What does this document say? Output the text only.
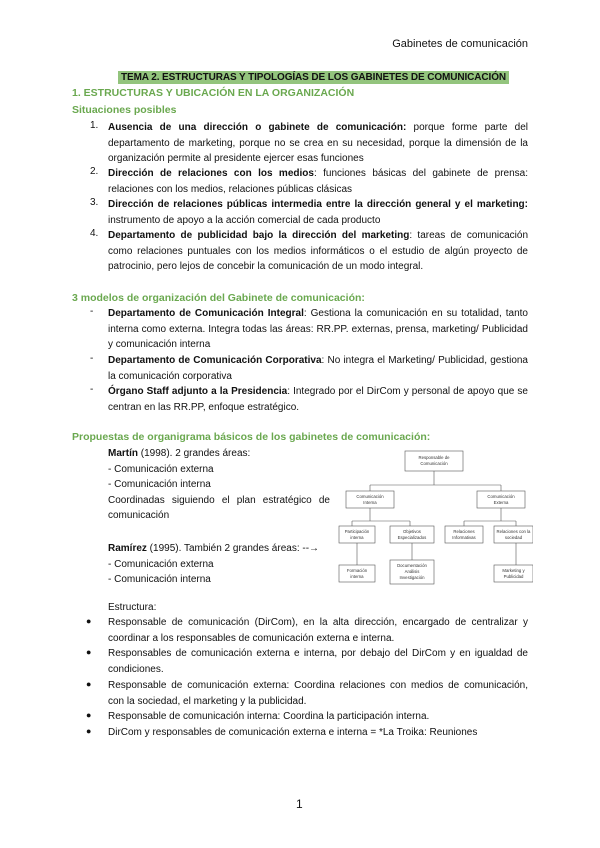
Gabinetes de comunicación
TEMA 2. ESTRUCTURAS Y TIPOLOGÍAS DE LOS GABINETES DE COMUNICACIÓN
1. ESTRUCTURAS Y UBICACIÓN EN LA ORGANIZACIÓN
Situaciones posibles
1. Ausencia de una dirección o gabinete de comunicación: porque forme parte del departamento de marketing, porque no se crea en su necesidad, porque la dimensión de la organización permite al presidente ejercer esas funciones
2. Dirección de relaciones con los medios: funciones básicas del gabinete de prensa: relaciones con los medios, relaciones públicas clásicas
3. Dirección de relaciones públicas intermedia entre la dirección general y el marketing: instrumento de apoyo a la acción comercial de cada producto
4. Departamento de publicidad bajo la dirección del marketing: tareas de comunicación como relaciones puntuales con los medios informáticos o el estudio de algún proyecto de patrocinio, pero lejos de concebir la comunicación de un modo integral.
3 modelos de organización del Gabinete de comunicación:
- Departamento de Comunicación Integral: Gestiona la comunicación en su totalidad, tanto interna como externa. Integra todas las áreas: RR.PP. externas, prensa, marketing/ Publicidad y comunicación interna
- Departamento de Comunicación Corporativa: No integra el Marketing/ Publicidad, gestiona la comunicación corporativa
- Órgano Staff adjunto a la Presidencia: Integrado por el DirCom y personal de apoyo que se centran en las RR.PP, enfoque estratégico.
Propuestas de organigrama básicos de los gabinetes de comunicación:
Martín (1998). 2 grandes áreas:
- Comunicación externa
- Comunicación interna
Coordinadas siguiendo el plan estratégico de comunicación
Ramírez (1995). También 2 grandes áreas: --→
- Comunicación externa
- Comunicación interna
Responsable de
Comunicación
Comunicación
Interna
Comunicación
Externa
Participación
interna
Objetivos
Especializados
Formación
interna
Documentación
Análisis
Investigación
Relaciones
Informativas
Relaciones con la
sociedad
Marketing y
Publicidad
Estructura:
● Responsable de comunicación (DirCom), en la alta dirección, encargado de centralizar y coordinar a los responsables de comunicación externa e interna.
● Responsables de comunicación externa e interna, por debajo del DirCom y en igualdad de condiciones.
● Responsable de comunicación externa: Coordina relaciones con medios de comunicación, con la sociedad, el marketing y la publicidad.
● Responsable de comunicación interna: Coordina la participación interna.
● DirCom y responsables de comunicación externa e interna = *La Troika: Reuniones
1
